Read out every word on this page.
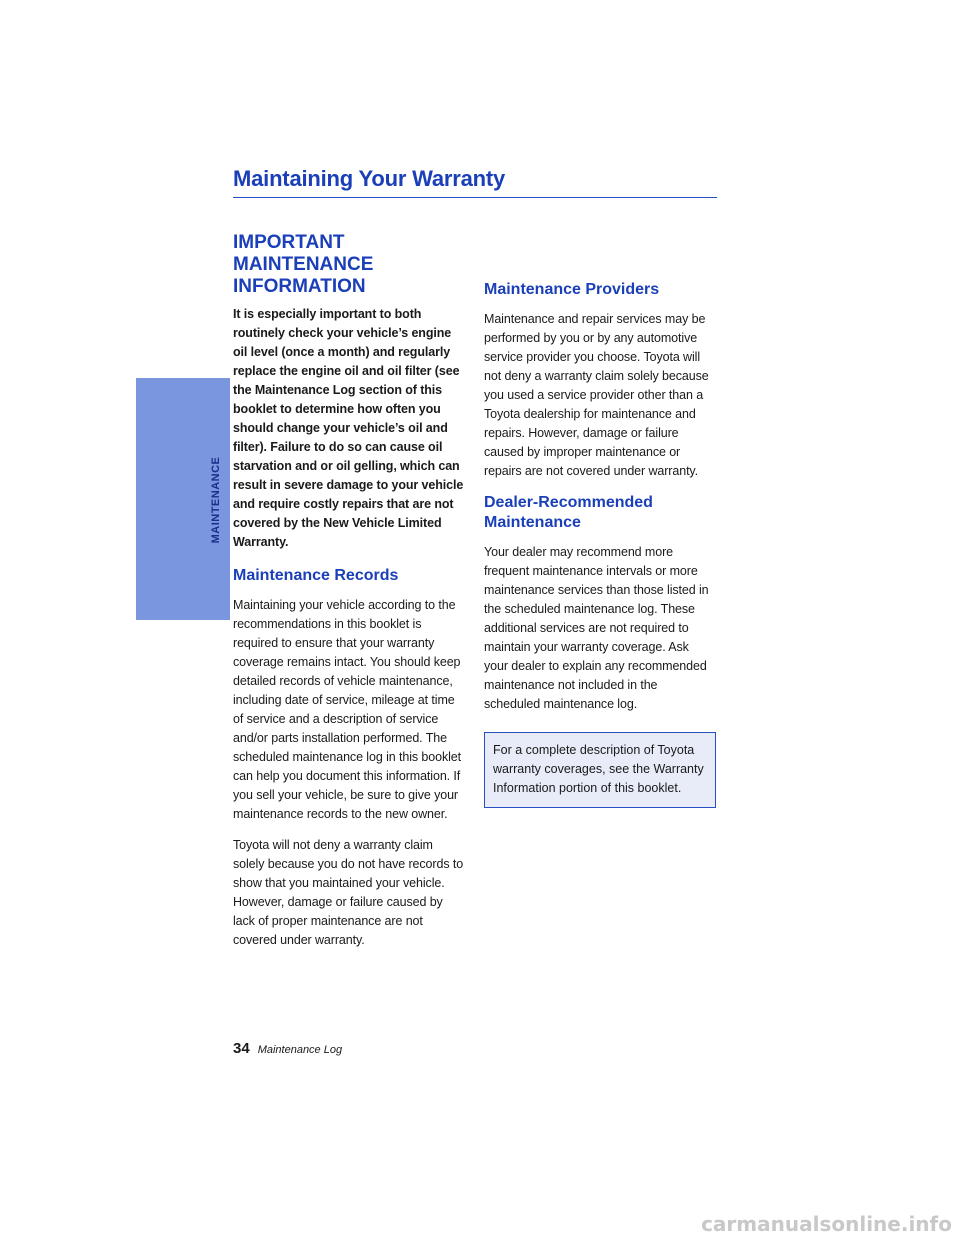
MAINTENANCE
Maintaining Your Warranty
IMPORTANT MAINTENANCE INFORMATION

It is especially important to both routinely check your vehicle’s engine oil level (once a month) and regularly replace the engine oil and oil filter (see the Maintenance Log section of this booklet to determine how often you should change your vehicle’s oil and filter). Failure to do so can cause oil starvation and or oil gelling, which can result in severe damage to your vehicle and require costly repairs that are not covered by the New Vehicle Limited Warranty.

Maintenance Records

Maintaining your vehicle according to the recommendations in this booklet is required to ensure that your warranty coverage remains intact. You should keep detailed records of vehicle maintenance, including date of service, mileage at time of service and a description of service and/or parts installation performed. The scheduled maintenance log in this booklet can help you document this information. If you sell your vehicle, be sure to give your maintenance records to the new owner.

Toyota will not deny a warranty claim solely because you do not have records to show that you maintained your vehicle. However, damage or failure caused by lack of proper maintenance are not covered under warranty.

Maintenance Providers

Maintenance and repair services may be performed by you or by any automotive service provider you choose. Toyota will not deny a warranty claim solely because you used a service provider other than a Toyota dealership for maintenance and repairs. However, damage or failure caused by improper maintenance or repairs are not covered under warranty.

Dealer-Recommended Maintenance

Your dealer may recommend more frequent maintenance intervals or more maintenance services than those listed in the scheduled maintenance log. These additional services are not required to maintain your warranty coverage. Ask your dealer to explain any recommended maintenance not included in the scheduled maintenance log.

For a complete description of Toyota warranty coverages, see the Warranty Information portion of this booklet.
34 Maintenance Log
carmanualsonline.info
